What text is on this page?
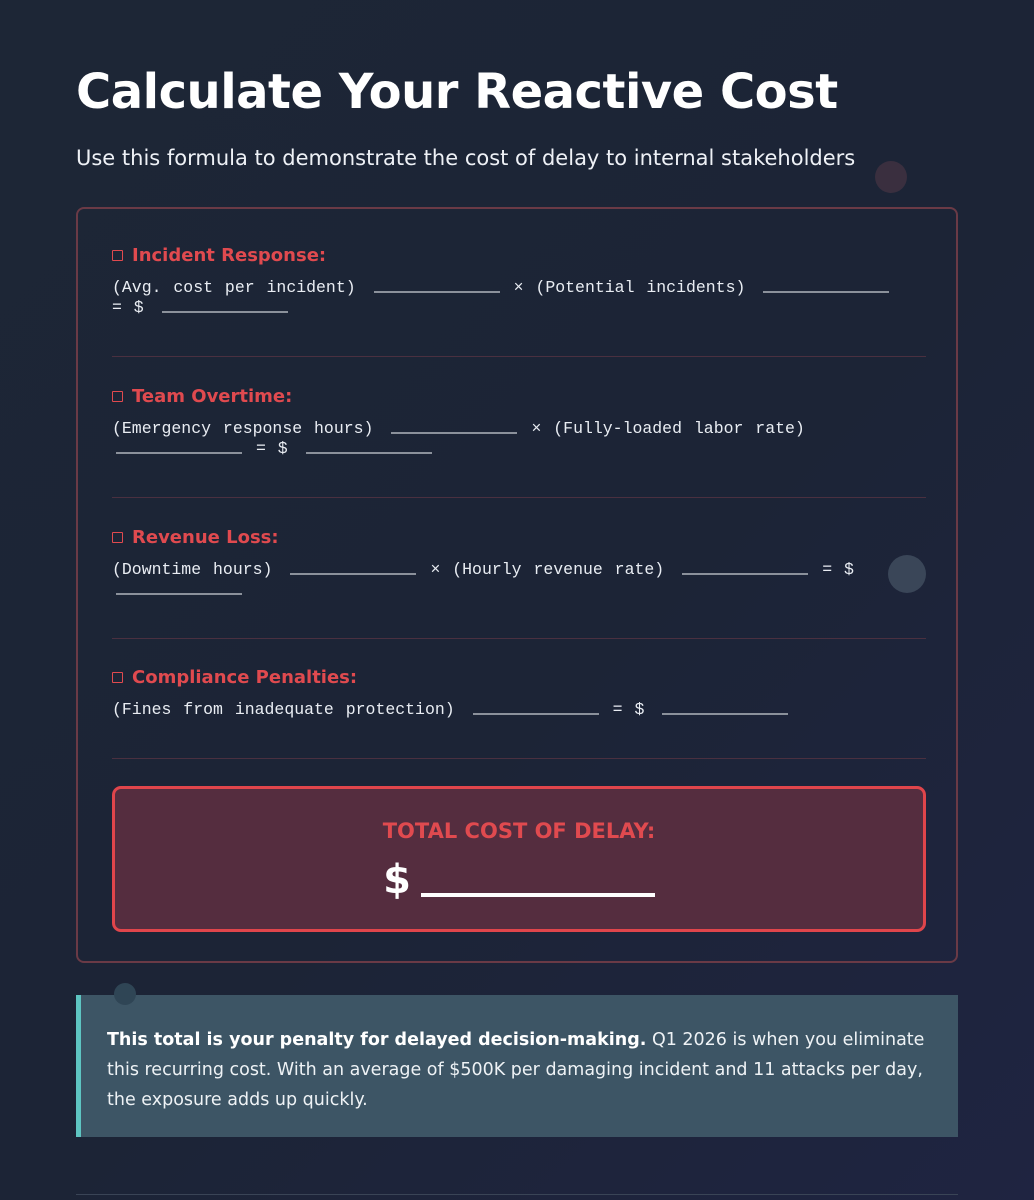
Calculate Your Reactive Cost

Use this formula to demonstrate the cost of delay to internal stakeholders

Incident Response:
(Avg. cost per incident)	× (Potential incidents)
= $
Team Overtime:
(Emergency response hours)	× (Fully-loaded labor rate)
= $
Revenue Loss:
(Downtime hours)	× (Hourly revenue rate)	= $

Compliance Penalties:
(Fines from inadequate protection)	= $
TOTAL COST OF DELAY:
$
This total is your penalty for delayed decision-making. Q1 2026 is when you eliminate this recurring cost. With an average of $500K per damaging incident and 11 attacks per day, the exposure adds up quickly.
